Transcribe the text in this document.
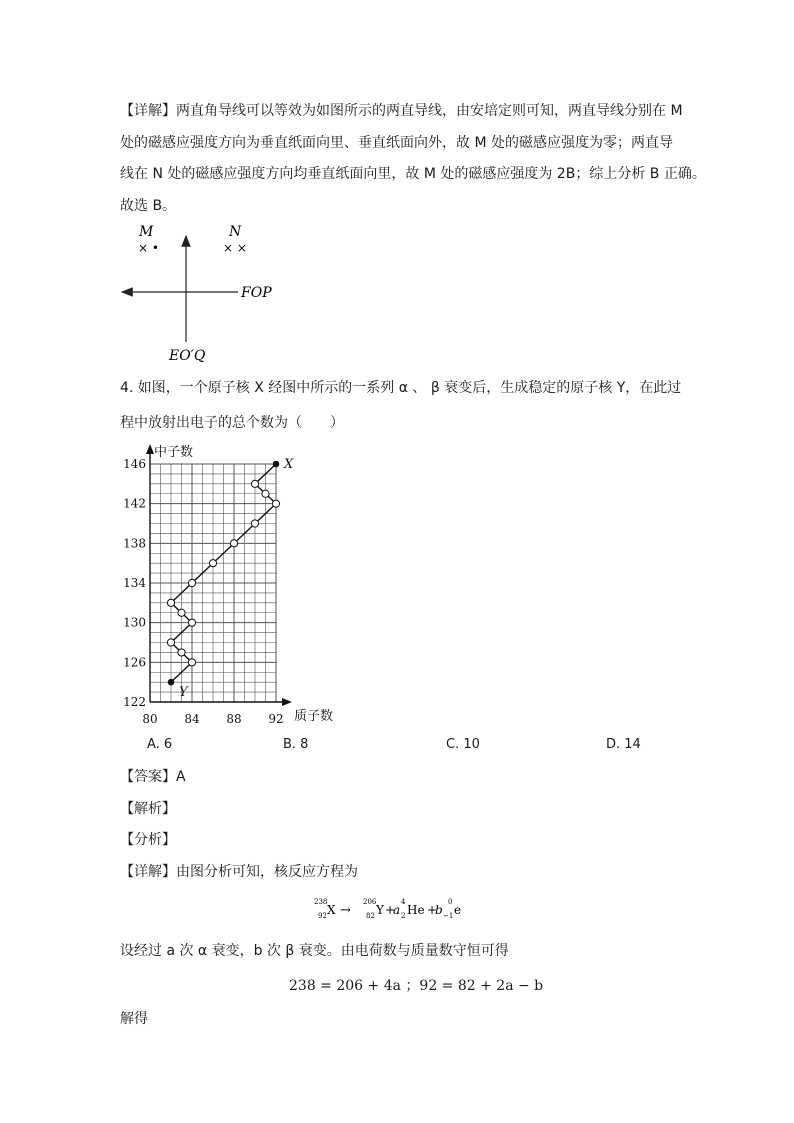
【详解】两直角导线可以等效为如图所示的两直导线，由安培定则可知，两直导线分别在 M
处的磁感应强度方向为垂直纸面向里、垂直纸面向外，故 M 处的磁感应强度为零；两直导
线在 N 处的磁感应强度方向均垂直纸面向里，故 M 处的磁感应强度为 2B；综上分析 B 正确。
故选 B。
M
× •
N
× ×
FOP
EO′Q
4. 如图，一个原子核 X 经图中所示的一系列 α 、 β 衰变后，生成稳定的原子核 Y，在此过
程中放射出电子的总个数为（　　）
中子数
质子数
122
126
130
134
138
142
146
80 84 88 92
X
Y
A. 6	B. 8	C. 10	D. 14
【答案】A
【解析】
【分析】
【详解】由图分析可知，核反应方程为
238
92 X →
206
82 Y +
a
4
2 He +
b
0
−1 e
设经过 a 次 α 衰变，b 次 β 衰变。由电荷数与质量数守恒可得
238 = 206 + 4a ；92 = 82 + 2a − b
解得
